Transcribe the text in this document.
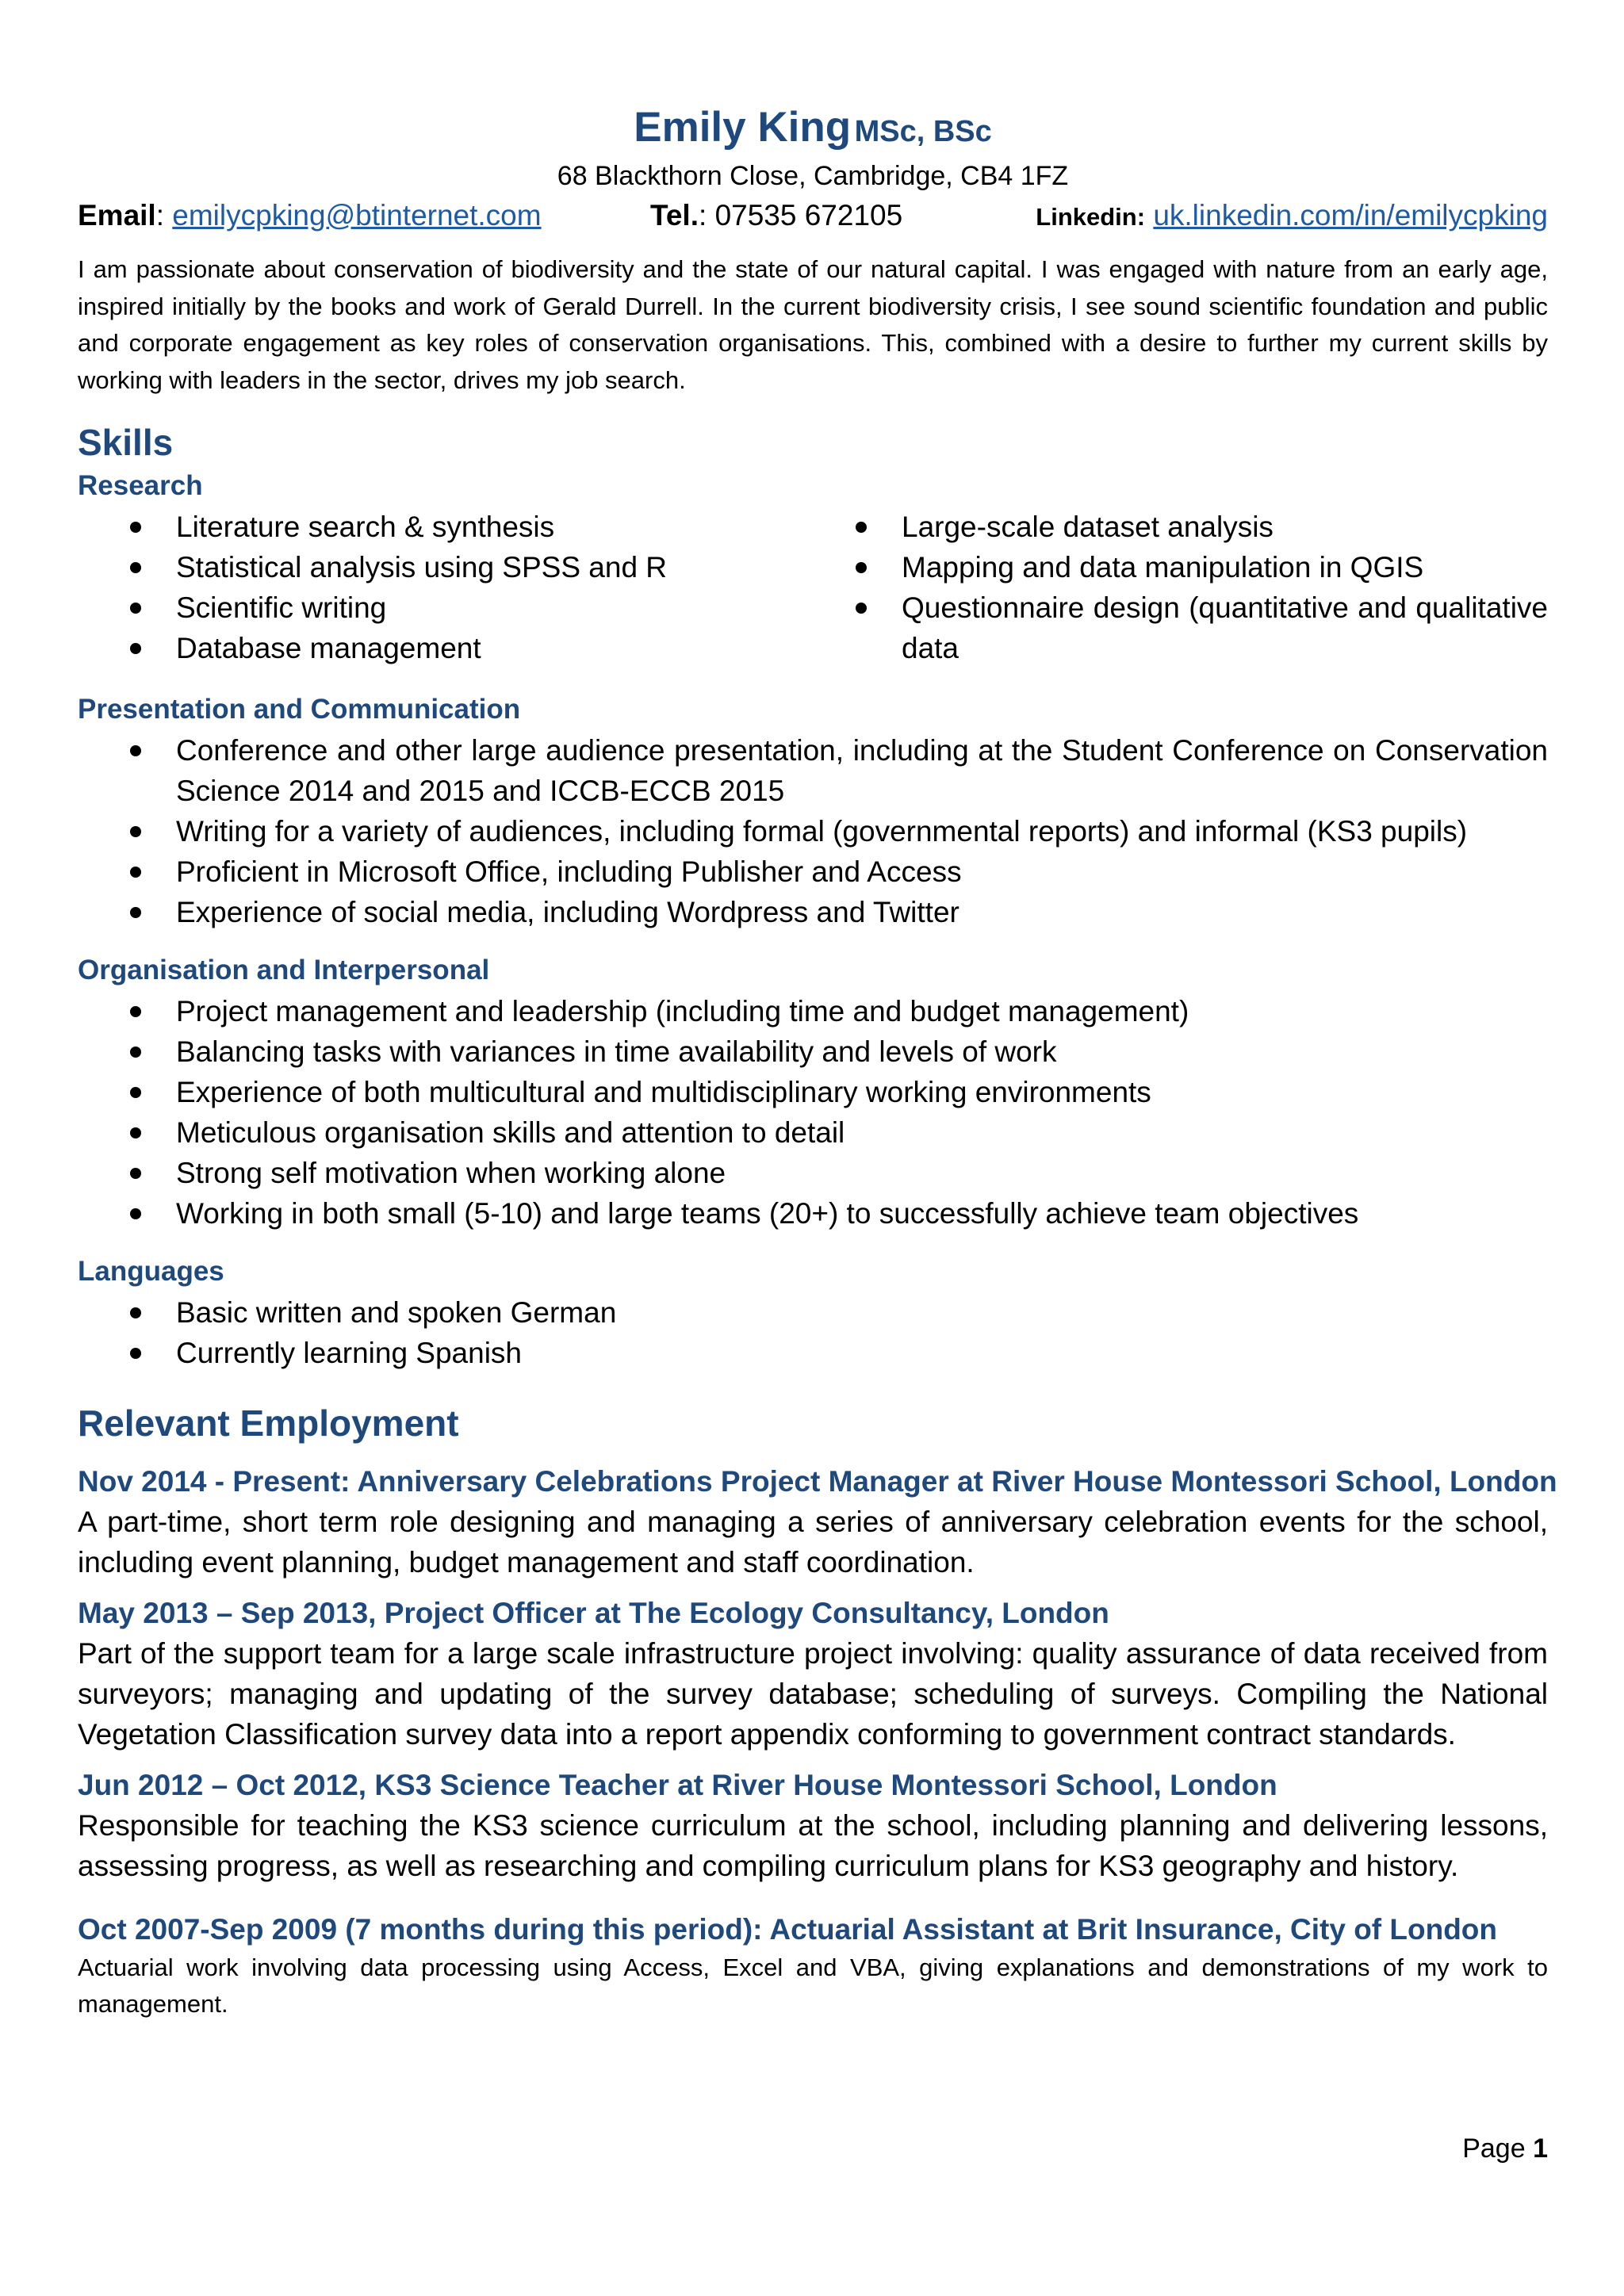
Emily King MSc, BSc
68 Blackthorn Close, Cambridge, CB4 1FZ
Email: emilycpking@btinternet.com	Tel.: 07535 672105	Linkedin: uk.linkedin.com/in/emilycpking
I am passionate about conservation of biodiversity and the state of our natural capital. I was engaged with nature from an early age, inspired initially by the books and work of Gerald Durrell. In the current biodiversity crisis, I see sound scientific foundation and public and corporate engagement as key roles of conservation organisations. This, combined with a desire to further my current skills by working with leaders in the sector, drives my job search.
Skills
Research
Literature search & synthesis
Statistical analysis using SPSS and R
Scientific writing
Database management
Large-scale dataset analysis
Mapping and data manipulation in QGIS
Questionnaire design (quantitative and qualitative data
Presentation and Communication
Conference and other large audience presentation, including at the Student Conference on Conservation Science 2014 and 2015 and ICCB-ECCB 2015
Writing for a variety of audiences, including formal (governmental reports) and informal (KS3 pupils)
Proficient in Microsoft Office, including Publisher and Access
Experience of social media, including Wordpress and Twitter
Organisation and Interpersonal
Project management and leadership (including time and budget management)
Balancing tasks with variances in time availability and levels of work
Experience of both multicultural and multidisciplinary working environments
Meticulous organisation skills and attention to detail
Strong self motivation when working alone
Working in both small (5-10) and large teams (20+) to successfully achieve team objectives
Languages
Basic written and spoken German
Currently learning Spanish
Relevant Employment
Nov 2014 - Present: Anniversary Celebrations Project Manager at River House Montessori School, London
A part-time, short term role designing and managing a series of anniversary celebration events for the school, including event planning, budget management and staff coordination.
May 2013 – Sep 2013, Project Officer at The Ecology Consultancy, London
Part of the support team for a large scale infrastructure project involving: quality assurance of data received from surveyors; managing and updating of the survey database; scheduling of surveys. Compiling the National Vegetation Classification survey data into a report appendix conforming to government contract standards.
Jun 2012 – Oct 2012, KS3 Science Teacher at River House Montessori School, London
Responsible for teaching the KS3 science curriculum at the school, including planning and delivering lessons, assessing progress, as well as researching and compiling curriculum plans for KS3 geography and history.
Oct 2007-Sep 2009 (7 months during this period): Actuarial Assistant at Brit Insurance, City of London
Actuarial work involving data processing using Access, Excel and VBA, giving explanations and demonstrations of my work to management.
Page 1
